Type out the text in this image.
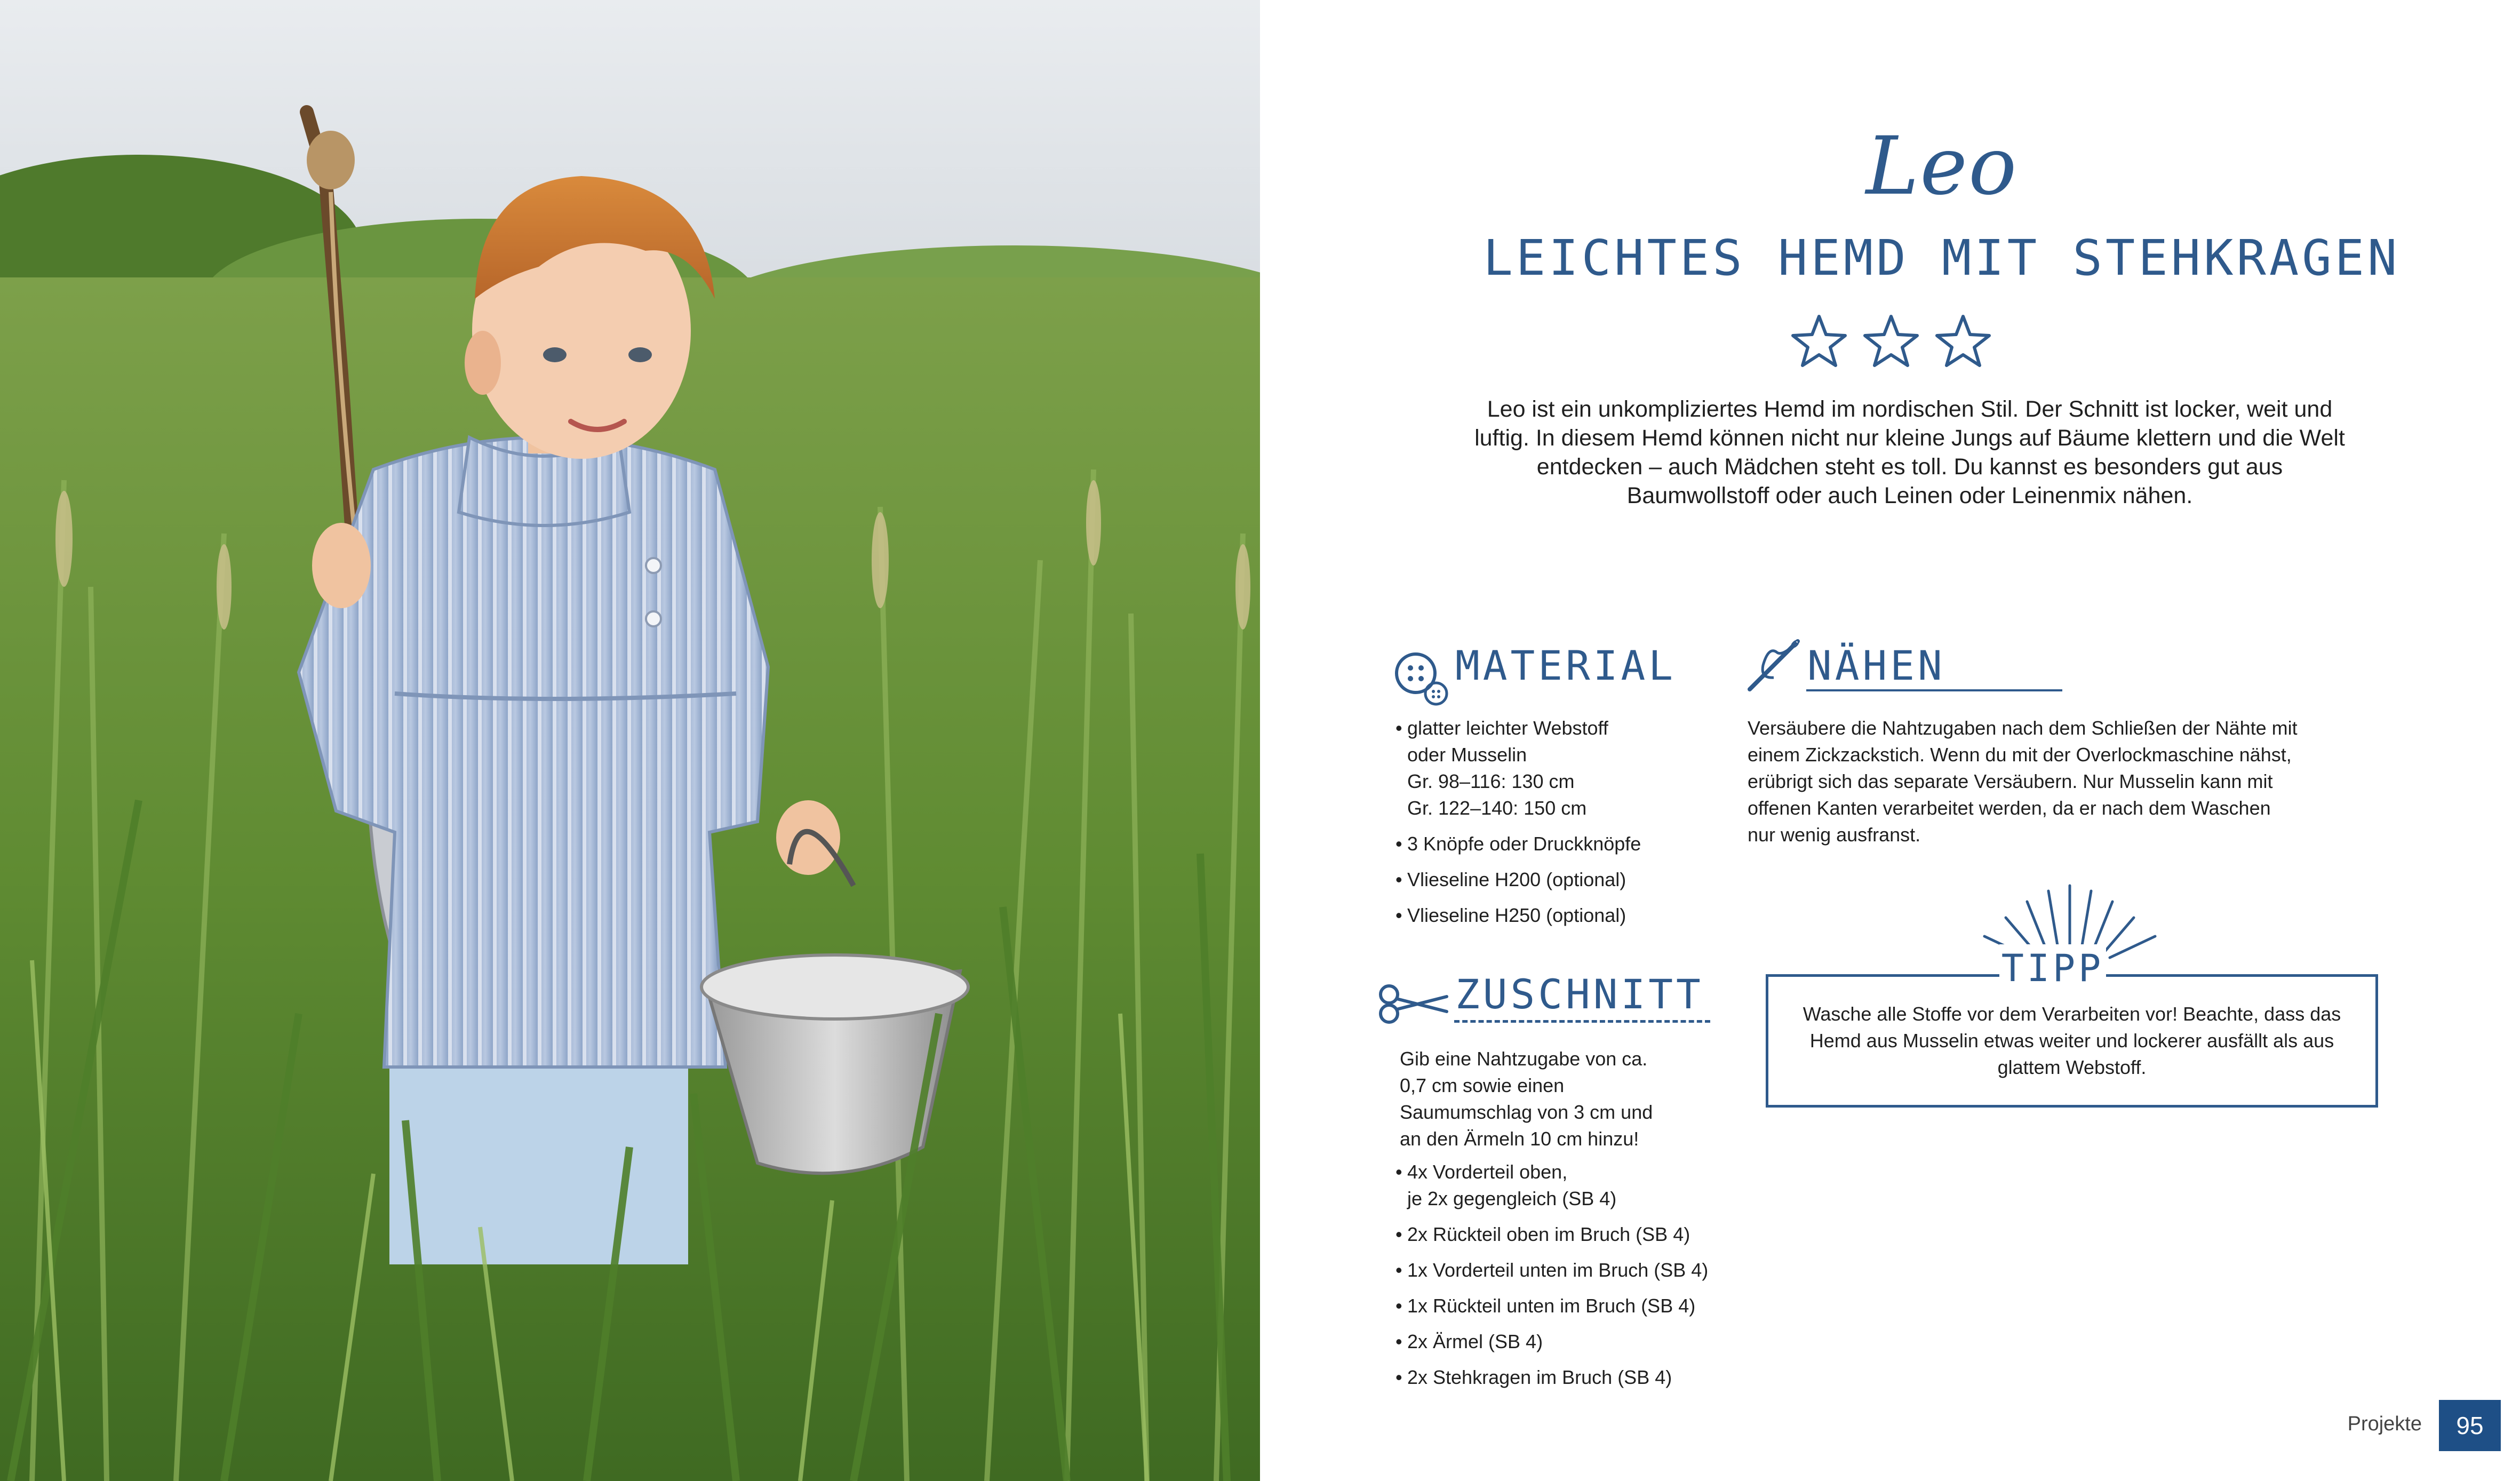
Leo
LEICHTES HEMD MIT STEHKRAGEN

Leo ist ein unkompliziertes Hemd im nordischen Stil. Der Schnitt ist locker, weit und luftig. In diesem Hemd können nicht nur kleine Jungs auf Bäume klettern und die Welt entdecken – auch Mädchen steht es toll. Du kannst es besonders gut aus Baumwollstoff oder auch Leinen oder Leinenmix nähen.

MATERIAL
• glatter leichter Webstoff
oder Musselin
Gr. 98–116: 130 cm
Gr. 122–140: 150 cm
• 3 Knöpfe oder Druckknöpfe
• Vlieseline H200 (optional)
• Vlieseline H250 (optional)
ZUSCHNITT

Gib eine Nahtzugabe von ca. 0,7 cm sowie einen Saumumschlag von 3 cm und an den Ärmeln 10 cm hinzu!

• 4x Vorderteil oben,
je 2x gegengleich (SB 4)
• 2x Rückteil oben im Bruch (SB 4)
• 1x Vorderteil unten im Bruch (SB 4)
• 1x Rückteil unten im Bruch (SB 4)
• 2x Ärmel (SB 4)
• 2x Stehkragen im Bruch (SB 4)
NÄHEN

Versäubere die Nahtzugaben nach dem Schließen der Nähte mit einem Zickzackstich. Wenn du mit der Overlockmaschine nähst, erübrigt sich das separate Versäubern. Nur Musselin kann mit offenen Kanten verarbeitet werden, da er nach dem Waschen nur wenig ausfranst.

TIPP

Wasche alle Stoffe vor dem Verarbeiten vor! Beachte, dass das Hemd aus Musselin etwas weiter und lockerer ausfällt als aus glattem Webstoff.

Projekte	95
